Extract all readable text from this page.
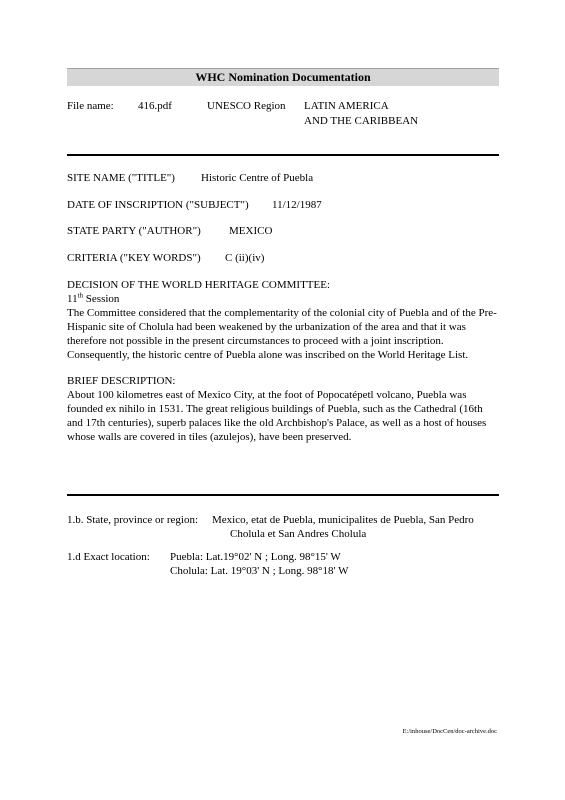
WHC Nomination Documentation
File name: 416.pdf	UNESCO Region LATIN AMERICA
AND THE CARIBBEAN
SITE NAME ("TITLE") Historic Centre of Puebla
DATE OF INSCRIPTION ("SUBJECT") 11/12/1987
STATE PARTY ("AUTHOR")	MEXICO
CRITERIA ("KEY WORDS") C (ii)(iv)
DECISION OF THE WORLD HERITAGE COMMITTEE:
11th Session
The Committee considered that the complementarity of the colonial city of Puebla and of the Pre-Hispanic site of Cholula had been weakened by the urbanization of the area and that it was therefore not possible in the present circumstances to proceed with a joint inscription. Consequently, the historic centre of Puebla alone was inscribed on the World Heritage List.
BRIEF DESCRIPTION:
About 100 kilometres east of Mexico City, at the foot of Popocatépetl volcano, Puebla was founded ex nihilo in 1531. The great religious buildings of Puebla, such as the Cathedral (16th and 17th centuries), superb palaces like the old Archbishop's Palace, as well as a host of houses whose walls are covered in tiles (azulejos), have been preserved.
1.b. State, province or region: Mexico, etat de Puebla, municipalites de Puebla, San Pedro
Cholula et San Andres Cholula
1.d Exact location: Puebla: Lat.19°02' N ; Long. 98°15' W
Cholula: Lat. 19°03' N ; Long. 98°18' W
E:/inhouse/DocCen/doc-archive.doc
